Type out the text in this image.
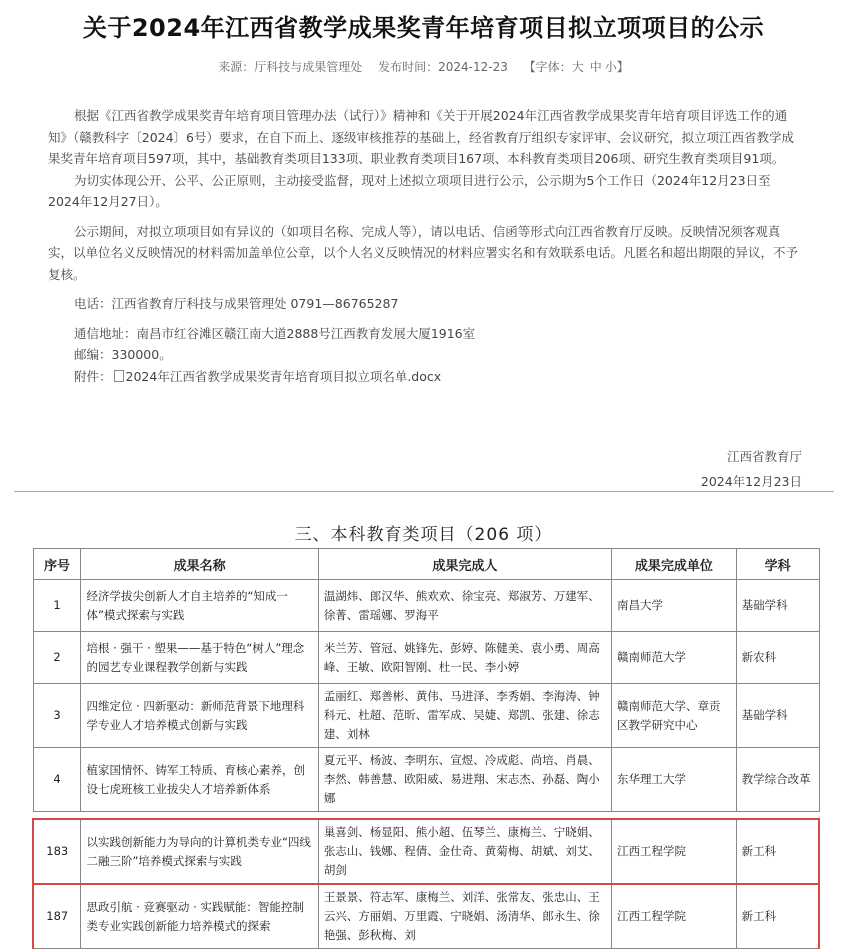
关于2024年江西省教学成果奖青年培育项目拟立项项目的公示
来源：厅科技与成果管理处 发布时间：2024-12-23 【字体：大 中 小】

根据《江西省教学成果奖青年培育项目管理办法（试行）》精神和《关于开展2024年江西省教学成果奖青年培育项目评选工作的通知》（赣教科字〔2024〕6号）要求，在自下而上、逐级审核推荐的基础上，经省教育厅组织专家评审、会议研究，拟立项江西省教学成果奖青年培育项目597项，其中，基础教育类项目133项、职业教育类项目167项、本科教育类项目206项、研究生教育类项目91项。

为切实体现公开、公平、公正原则，主动接受监督，现对上述拟立项项目进行公示，公示期为5个工作日（2024年12月23日至2024年12月27日）。

公示期间，对拟立项项目如有异议的（如项目名称、完成人等），请以电话、信函等形式向江西省教育厅反映。反映情况须客观真实，以单位名义反映情况的材料需加盖单位公章，以个人名义反映情况的材料应署实名和有效联系电话。凡匿名和超出期限的异议，不予复核。

电话：江西省教育厅科技与成果管理处 0791—86765287

通信地址：南昌市红谷滩区赣江南大道2888号江西教育发展大厦1916室

邮编：330000。

附件： 2024年江西省教学成果奖青年培育项目拟立项名单.docx

江西省教育厅
2024年12月23日
三、本科教育类项目（206 项）
序号	成果名称	成果完成人	成果完成单位	学科
1	经济学拔尖创新人才自主培养的“知成一体”模式探索与实践	温湖炜、郎汉华、熊欢欢、徐宝亮、郑淑芳、万建军、徐菁、雷瑶娜、罗海平	南昌大学	基础学科
2	培根 · 强干 · 塑果——基于特色“树人”理念的园艺专业课程教学创新与实践	米兰芳、管冠、姚锋先、彭婷、陈健美、袁小勇、周高峰、王敏、欧阳智刚、杜一民、李小婷	赣南师范大学	新农科
3	四维定位 · 四新驱动：新师范背景下地理科学专业人才培养模式创新与实践	孟丽红、郑善彬、黄伟、马进泽、李秀娟、李海涛、钟科元、杜超、范昕、雷军成、吴婕、郑凯、张建、徐志建、刘林	赣南师范大学、章贡区教学研究中心	基础学科
4	植家国情怀、铸军工特质、育核心素养，创设七虎班核工业拔尖人才培养新体系	夏元平、杨波、李明东、宣煜、冷成彪、尚培、肖晨、李然、韩善慧、欧阳威、易进翔、宋志杰、孙磊、陶小娜	东华理工大学	教学综合改革

183	以实践创新能力为导向的计算机类专业“四线二融三阶”培养模式探索与实践	巢喜剑、杨显阳、熊小超、伍琴兰、康梅兰、宁晓娟、张志山、钱娜、程倩、金仕奇、黄菊梅、胡斌、刘艾、胡剑	江西工程学院	新工科
187	思政引航 · 竞赛驱动 · 实践赋能：智能控制类专业实践创新能力培养模式的探索	王景景、符志军、康梅兰、刘洋、张常友、张忠山、王云兴、方丽娟、万里霞、宁晓娟、汤清华、郎永生、徐艳强、彭秋梅、刘	江西工程学院	新工科
